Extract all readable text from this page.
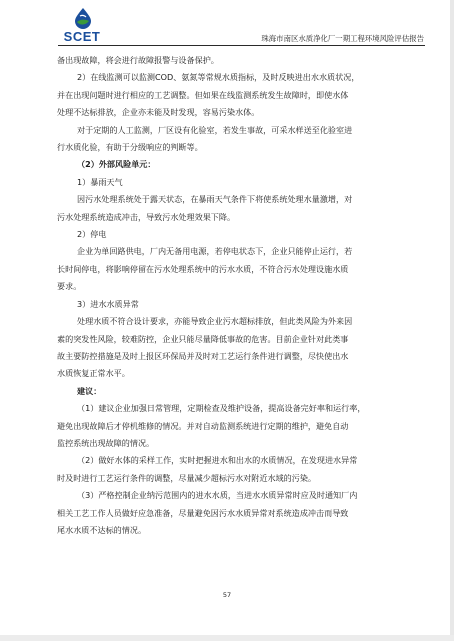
SCET	珠海市南区水质净化厂一期工程环境风险评估报告

备出现故障，将会进行故障报警与设备保护。

2）在线监测可以监测COD、氨氮等常规水质指标，及时反映进出水水质状况，

并在出现问题时进行相应的工艺调整。但如果在线监测系统发生故障时，即使水体

处理不达标排放，企业亦未能及时发现，容易污染水体。

对于定期的人工监测，厂区设有化验室，若发生事故，可采水样送至化验室进

行水质化验，有助于分级响应的判断等。

（2）外部风险单元：

1）暴雨天气

因污水处理系统处于露天状态，在暴雨天气条件下将使系统处理水量激增，对

污水处理系统造成冲击，导致污水处理效果下降。

2）停电

企业为单回路供电，厂内无备用电源，若停电状态下，企业只能停止运行，若

长时间停电，将影响停留在污水处理系统中的污水水质，不符合污水处理设施水质

要求。

3）进水水质异常

处理水质不符合设计要求，亦能导致企业污水超标排放，但此类风险为外来因

素的突发性风险，较难防控，企业只能尽量降低事故的危害。目前企业针对此类事

故主要防控措施是及时上报区环保局并及时对工艺运行条件进行调整，尽快使出水

水质恢复正常水平。

建议：

（1）建议企业加强日常管理，定期检查及维护设备，提高设备完好率和运行率，

避免出现故障后才停机维修的情况。并对自动监测系统进行定期的维护，避免自动

监控系统出现故障的情况。

（2）做好水体的采样工作，实时把握进水和出水的水质情况，在发现进水异常

时及时进行工艺运行条件的调整，尽量减少超标污水对附近水域的污染。

（3）严格控制企业纳污范围内的进水水质，当进水水质异常时应及时通知厂内

相关工艺工作人员做好应急准备，尽量避免因污水水质异常对系统造成冲击而导致

尾水水质不达标的情况。

57
